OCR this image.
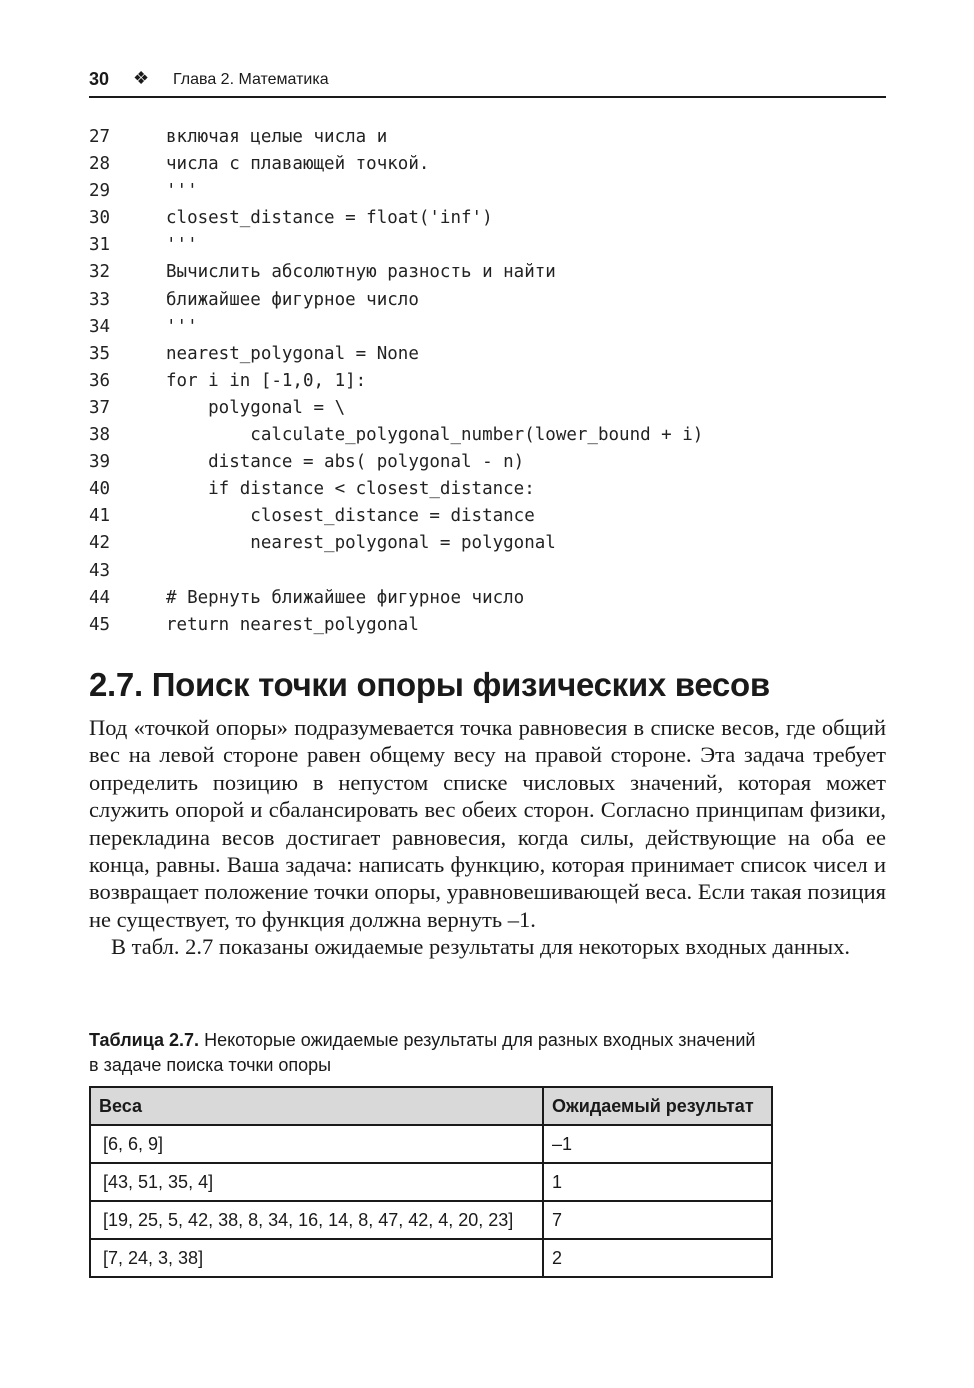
30 ❖ Глава 2. Математика
27	включая целые числа и
28	числа с плавающей точкой.
29	'''
30	closest_distance = float('inf')
31	'''
32	Вычислить абсолютную разность и найти
33	ближайшее фигурное число
34	'''
35	nearest_polygonal = None
36	for i in [-1,0, 1]:
37	polygonal = \
38	calculate_polygonal_number(lower_bound + i)
39	distance = abs( polygonal - n)
40	if distance < closest_distance:
41	closest_distance = distance
42	nearest_polygonal = polygonal
43
44	# Вернуть ближайшее фигурное число
45	return nearest_polygonal
2.7. Поиск точки опоры физических весов

Под «точкой опоры» подразумевается точка равновесия в списке весов, где общий вес на левой стороне равен общему весу на правой стороне. Эта задача требует определить позицию в непустом списке числовых значений, которая может служить опорой и сбалансировать вес обеих сторон. Согласно принципам физики, перекладина весов достигает равновесия, когда силы, действующие на оба ее конца, равны. Ваша задача: написать функцию, которая принимает список чисел и возвращает положение точки опоры, уравновешивающей веса. Если такая позиция не существует, то функция должна вернуть –1.

В табл. 2.7 показаны ожидаемые результаты для некоторых входных данных.

Таблица 2.7. Некоторые ожидаемые результаты для разных входных значений в задаче поиска точки опоры
Веса	Ожидаемый результат
[6, 6, 9]	–1
[43, 51, 35, 4]	1
[19, 25, 5, 42, 38, 8, 34, 16, 14, 8, 47, 42, 4, 20, 23]	7
[7, 24, 3, 38]	2
